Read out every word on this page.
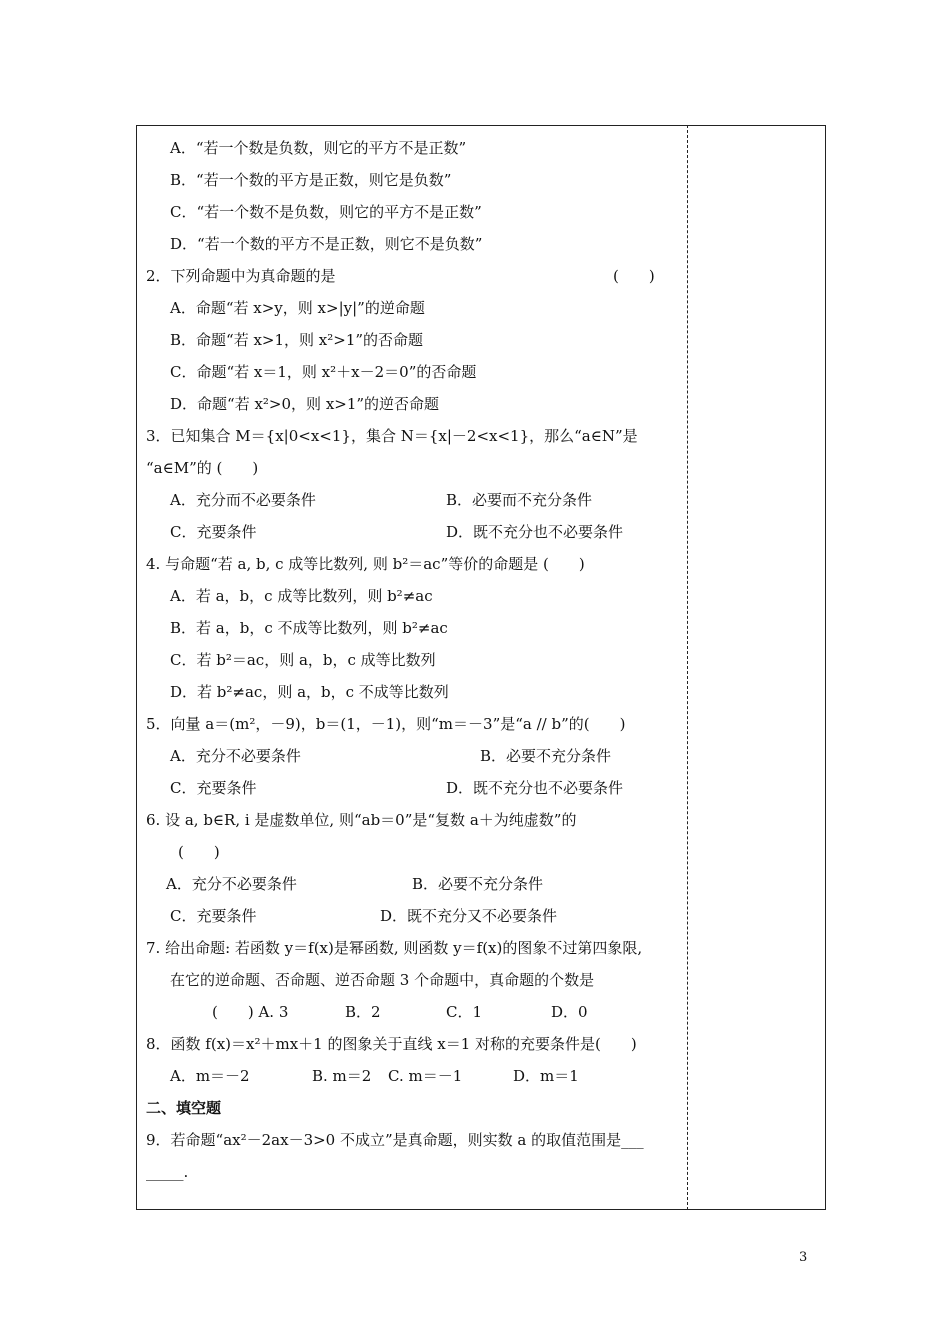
二、填空题
9．若命题“ax²－2ax－3>0 不成立”是真命题，则实数 a 的取值范围是___
_____.
3
A．“若一个数是负数，则它的平方不是正数”
B．“若一个数的平方是正数，则它是负数”
C．“若一个数不是负数，则它的平方不是正数”
D．“若一个数的平方不是正数，则它不是负数”
2．下列命题中为真命题的是	(　　)
A．命题“若 x>y，则 x>|y|”的逆命题
B．命题“若 x>1，则 x²>1”的否命题
C．命题“若 x＝1，则 x²＋x－2＝0”的否命题
D．命题“若 x²>0，则 x>1”的逆否命题
3．已知集合 M＝{x|0<x<1}，集合 N＝{x|－2<x<1}，那么“a∈N”是
“a∈M”的 (　　)
A．充分而不必要条件	B．必要而不充分条件
C．充要条件	D．既不充分也不必要条件
4. 与命题“若 a, b, c 成等比数列, 则 b²＝ac”等价的命题是 (　　)
A．若 a，b，c 成等比数列，则 b²≠ac
B．若 a，b，c 不成等比数列，则 b²≠ac
C．若 b²＝ac，则 a，b，c 成等比数列
D．若 b²≠ac，则 a，b，c 不成等比数列
5．向量 a＝(m²，－9)，b＝(1，－1)，则“m＝－3”是“a // b”的(　　)
A．充分不必要条件	B．必要不充分条件
C．充要条件	D．既不充分也不必要条件
6. 设 a, b∈R, i 是虚数单位, 则“ab＝0”是“复数 a＋为纯虚数”的
(　　)
A．充分不必要条件	B．必要不充分条件
C．充要条件	D．既不充分又不必要条件
7. 给出命题: 若函数 y＝f(x)是幂函数, 则函数 y＝f(x)的图象不过第四象限,
在它的逆命题、否命题、逆否命题 3 个命题中，真命题的个数是
(　　) A. 3	B．2	C．1	D．0
8．函数 f(x)＝x²＋mx＋1 的图象关于直线 x＝1 对称的充要条件是(　　)
A．m＝－2	B. m＝2 C. m＝－1	D．m＝1
